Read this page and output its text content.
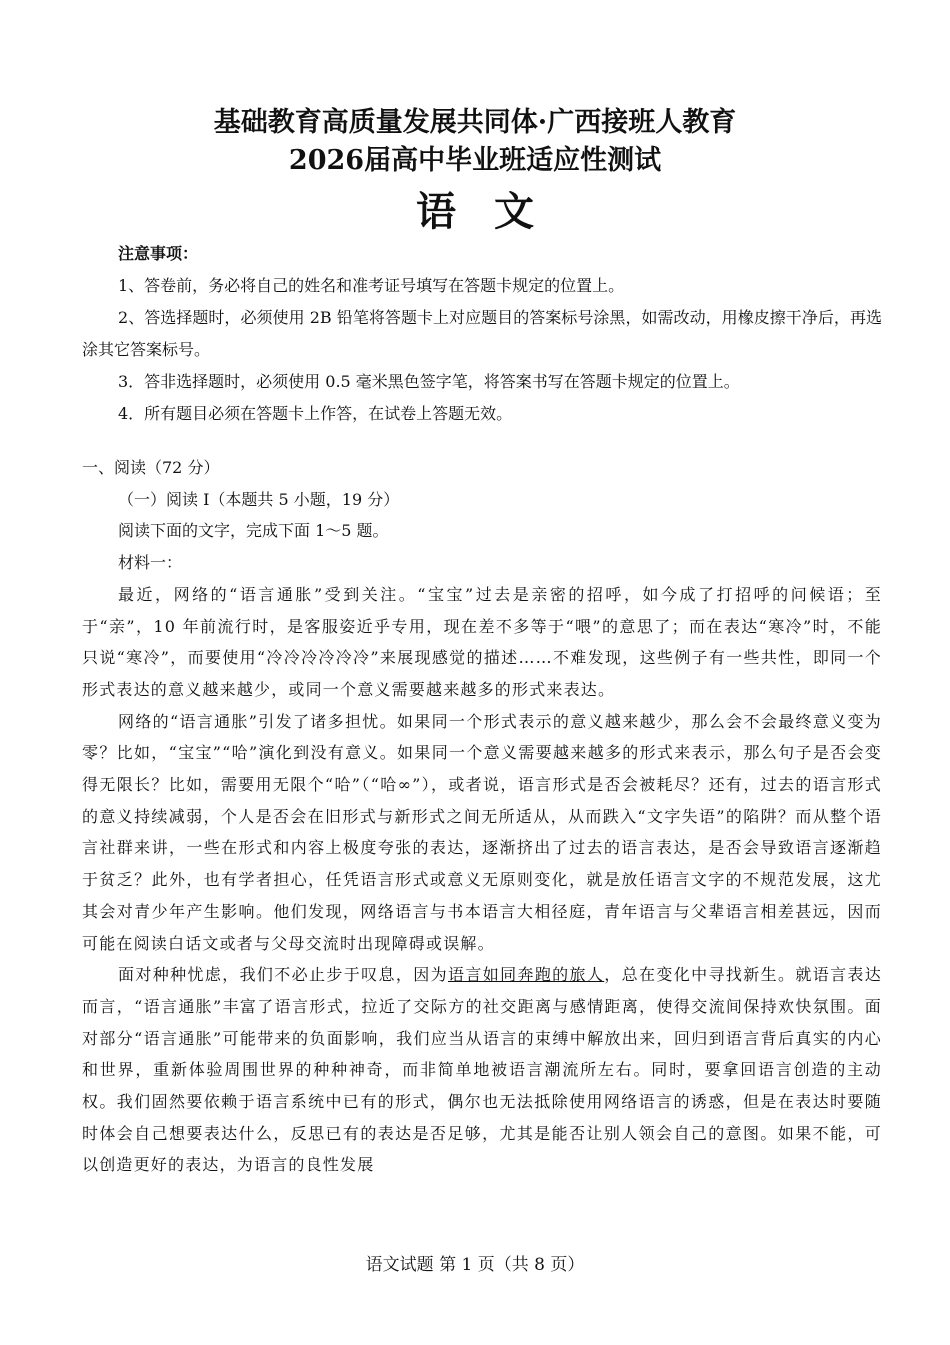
基础教育高质量发展共同体·广西接班人教育
2026届高中毕业班适应性测试
语文

注意事项：

1、答卷前，务必将自己的姓名和准考证号填写在答题卡规定的位置上。

2、答选择题时，必须使用 2B 铅笔将答题卡上对应题目的答案标号涂黑，如需改动，用橡皮擦干净后，再选涂其它答案标号。

3．答非选择题时，必须使用 0.5 毫米黑色签字笔，将答案书写在答题卡规定的位置上。

4．所有题目必须在答题卡上作答，在试卷上答题无效。

一、阅读（72 分）

（一）阅读 I（本题共 5 小题，19 分）

阅读下面的文字，完成下面 1～5 题。

材料一：

最近，网络的“语言通胀”受到关注。“宝宝”过去是亲密的招呼，如今成了打招呼的问候语；至于“亲”，10 年前流行时，是客服姿近乎专用，现在差不多等于“喂”的意思了；而在表达“寒冷”时，不能只说“寒冷”，而要使用“冷冷冷冷冷冷”来展现感觉的描述……不难发现，这些例子有一些共性，即同一个形式表达的意义越来越少，或同一个意义需要越来越多的形式来表达。

网络的“语言通胀”引发了诸多担忧。如果同一个形式表示的意义越来越少，那么会不会最终意义变为零？比如，“宝宝”“哈”演化到没有意义。如果同一个意义需要越来越多的形式来表示，那么句子是否会变得无限长？比如，需要用无限个“哈”（“哈∞”），或者说，语言形式是否会被耗尽？还有，过去的语言形式的意义持续减弱，个人是否会在旧形式与新形式之间无所适从，从而跌入“文字失语”的陷阱？而从整个语言社群来讲，一些在形式和内容上极度夸张的表达，逐渐挤出了过去的语言表达，是否会导致语言逐渐趋于贫乏？此外，也有学者担心，任凭语言形式或意义无原则变化，就是放任语言文字的不规范发展，这尤其会对青少年产生影响。他们发现，网络语言与书本语言大相径庭，青年语言与父辈语言相差甚远，因而可能在阅读白话文或者与父母交流时出现障碍或误解。

面对种种忧虑，我们不必止步于叹息，因为语言如同奔跑的旅人，总在变化中寻找新生。就语言表达而言，“语言通胀”丰富了语言形式，拉近了交际方的社交距离与感情距离，使得交流间保持欢快氛围。面对部分“语言通胀”可能带来的负面影响，我们应当从语言的束缚中解放出来，回归到语言背后真实的内心和世界，重新体验周围世界的种种神奇，而非简单地被语言潮流所左右。同时，要拿回语言创造的主动权。我们固然要依赖于语言系统中已有的形式，偶尔也无法抵除使用网络语言的诱惑，但是在表达时要随时体会自己想要表达什么，反思已有的表达是否足够，尤其是能否让别人领会自己的意图。如果不能，可以创造更好的表达，为语言的良性发展

语文试题 第 1 页（共 8 页）
